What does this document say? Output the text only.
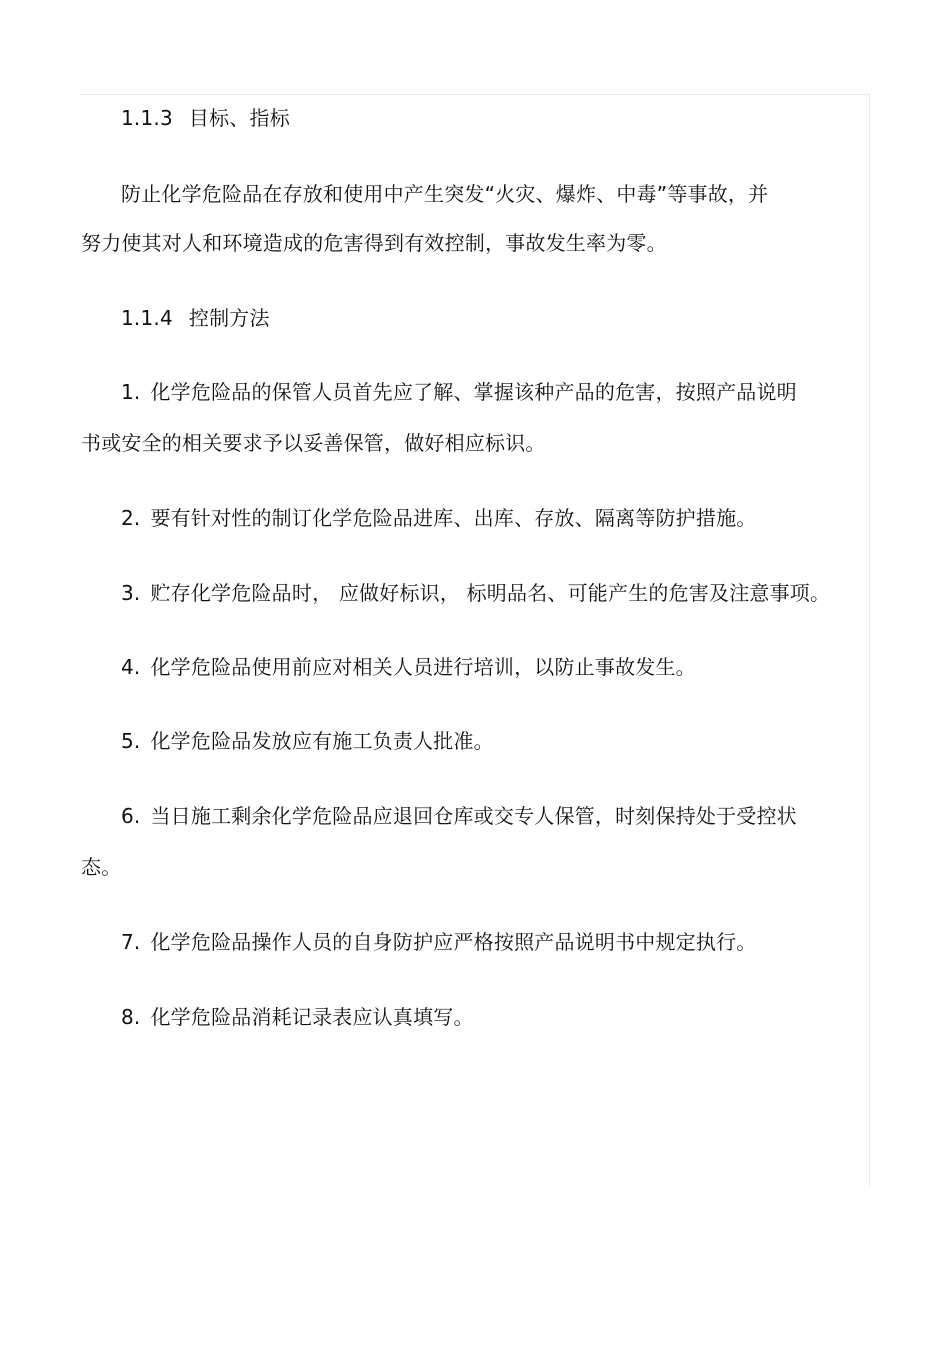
1.1.3 目标、指标
防止化学危险品在存放和使用中产生突发“火灾、爆炸、中毒”等事故，并
努力使其对人和环境造成的危害得到有效控制，事故发生率为零。
1.1.4 控制方法
1. 化学危险品的保管人员首先应了解、掌握该种产品的危害，按照产品说明
书或安全的相关要求予以妥善保管，做好相应标识。
2. 要有针对性的制订化学危险品进库、出库、存放、隔离等防护措施。
3. 贮存化学危险品时， 应做好标识， 标明品名、可能产生的危害及注意事项。
4. 化学危险品使用前应对相关人员进行培训，以防止事故发生。
5. 化学危险品发放应有施工负责人批准。
6. 当日施工剩余化学危险品应退回仓库或交专人保管，时刻保持处于受控状
态。
7. 化学危险品操作人员的自身防护应严格按照产品说明书中规定执行。
8. 化学危险品消耗记录表应认真填写。
